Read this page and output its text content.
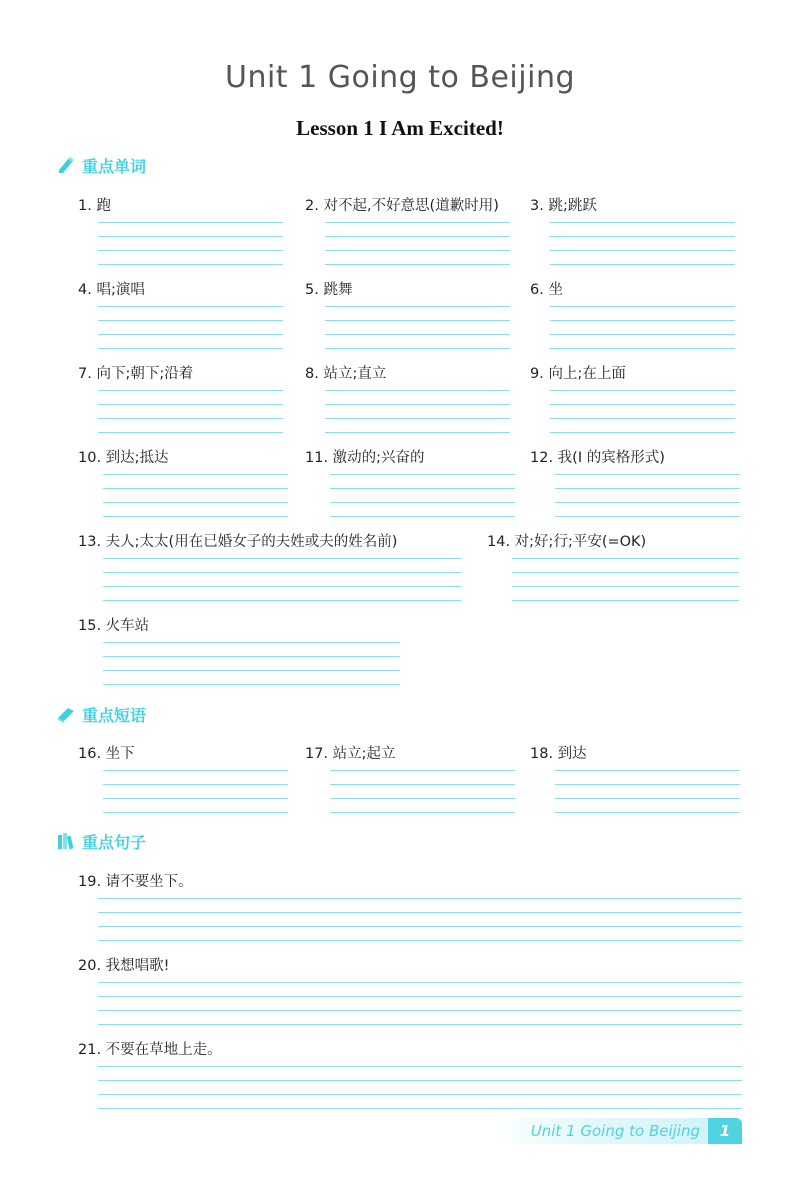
Unit 1 Going to Beijing
Lesson 1 I Am Excited!
重点单词
1. 跑	2. 对不起,不好意思(道歉时用)	3. 跳;跳跃
4. 唱;演唱	5. 跳舞	6. 坐
7. 向下;朝下;沿着	8. 站立;直立	9. 向上;在上面
10. 到达;抵达	11. 激动的;兴奋的	12. 我(I 的宾格形式)
13. 夫人;太太(用在已婚女子的夫姓或夫的姓名前)	14. 对;好;行;平安(=OK)
15. 火车站
重点短语
16. 坐下	17. 站立;起立	18. 到达
重点句子
19. 请不要坐下。
20. 我想唱歌!
21. 不要在草地上走。
Unit 1 Going to Beijing	1
